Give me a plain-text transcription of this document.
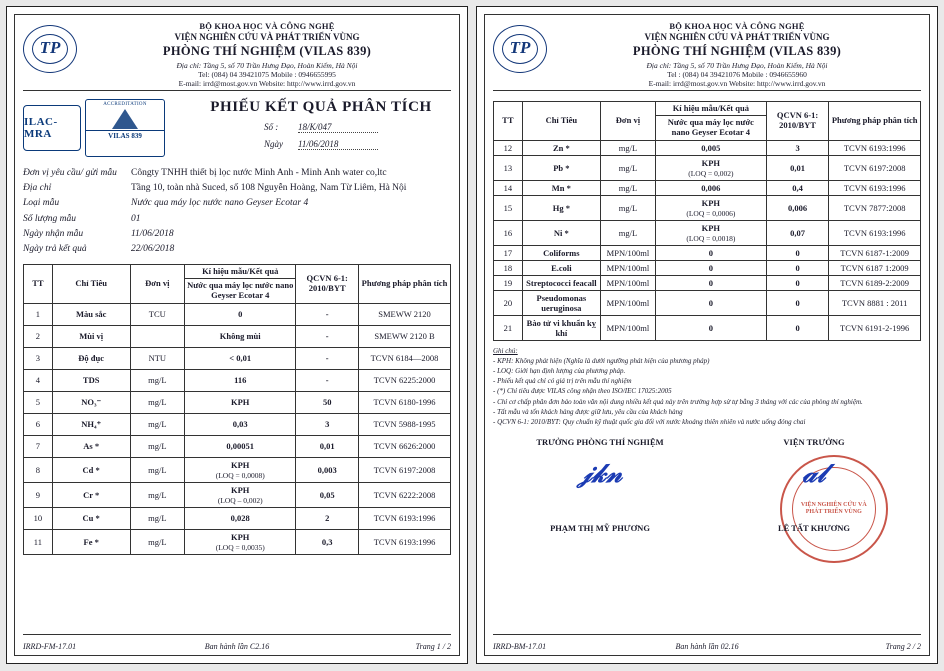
TP
BỘ KHOA HỌC VÀ CÔNG NGHỆ
VIỆN NGHIÊN CỨU VÀ PHÁT TRIỂN VÙNG
PHÒNG THÍ NGHIỆM (VILAS 839)
Địa chỉ: Tầng 5, số 70 Trần Hưng Đạo, Hoàn Kiếm, Hà Nội
Tel: (084) 04 39421075 Mobile : 0946655995
E-mail: irrd@most.gov.vn Website: http://www.irrd.gov.vn
ILAC-MRA
ACCREDITATION
VILAS 839
PHIẾU KẾT QUẢ PHÂN TÍCH
Số :	18/K/047
Ngày	11/06/2018
Đơn vị yêu cầu/ gửi mẫu	Côngty TNHH thiết bị lọc nước Minh Anh - Minh Anh water co,ltc
Địa chỉ	Tầng 10, toàn nhà Suced, số 108 Nguyễn Hoàng, Nam Từ Liêm, Hà Nội
Loại mẫu	Nước qua máy lọc nước nano Geyser Ecotar 4
Số lượng mẫu	01
Ngày nhận mẫu	11/06/2018
Ngày trả kết quả	22/06/2018
TT	Chỉ Tiêu	Đơn vị	Kí hiệu mẫu/Kết quả	QCVN 6-1: 2010/BYT	Phương pháp phân tích
			Nước qua máy lọc nước nano Geyser Ecotar 4		
1	Màu sắc	TCU	0	-	SMEWW 2120
2	Mùi vị		Không mùi	-	SMEWW 2120 B
3	Độ đục	NTU	< 0,01	-	TCVN 6184—2008
4	TDS	mg/L	116	-	TCVN 6225:2000
5	NO₃⁻	mg/L	KPH	50	TCVN 6180-1996
6	NH₄⁺	mg/L	0,03	3	TCVN 5988-1995
7	As *	mg/L	0,00051	0,01	TCVN 6626:2000
8	Cd *	mg/L	KPH
(LOQ = 0,0008)	0,003	TCVN 6197:2008
9	Cr *	mg/L	KPH
(LOQ – 0,002)	0,05	TCVN 6222:2008
10	Cu *	mg/L	0,028	2	TCVN 6193:1996
11	Fe *	mg/L	KPH
(LOQ = 0,0035)	0,3	TCVN 6193:1996
IRRD-FM-17.01	Ban hành lần C2.16	Trang 1 / 2
TP
BỘ KHOA HỌC VÀ CÔNG NGHỆ
VIỆN NGHIÊN CỨU VÀ PHÁT TRIỂN VÙNG
PHÒNG THÍ NGHIỆM (VILAS 839)
Địa chỉ: Tầng 5, số 70 Trần Hưng Đạo, Hoàn Kiếm, Hà Nội
Tel : (084) 04 39421076 Mobile : 0946655960
E-mail: irrd@most.gov.vn Website: http://www.irrd.gov.vn
TT	Chỉ Tiêu	Đơn vị	Kí hiệu mẫu/Kết quả	QCVN 6-1: 2010/BYT	Phương pháp phân tích
			Nước qua máy lọc nước nano Geyser Ecotar 4		
12	Zn *	mg/L	0,005	3	TCVN 6193:1996
13	Pb *	mg/L	KPH
(LOQ = 0,002)	0,01	TCVN 6197:2008
14	Mn *	mg/L	0,006	0,4	TCVN 6193:1996
15	Hg *	mg/L	KPH
(LOQ = 0,0006)	0,006	TCVN 7877:2008
16	Ni *	mg/L	KPH
(LOQ = 0,0018)	0,07	TCVN 6193:1996
17	Coliforms	MPN/100ml	0	0	TCVN 6187-1:2009
18	E.coli	MPN/100ml	0	0	TCVN 6187 1:2009
19	Streptococci feacall	MPN/100ml	0	0	TCVN 6189-2:2009
20	Pseudomonas ueruginosa	MPN/100ml	0	0	TCVN 8881 : 2011
21	Bào tử vi khuẩn kỵ khí	MPN/100ml	0	0	TCVN 6191-2-1996
Ghi chú:
- KPH: Không phát hiện (Nghĩa là dưới ngưỡng phát hiện của phương pháp)
- LOQ: Giới hạn định lượng của phương pháp.
- Phiếu kết quả chỉ có giá trị trên mẫu thí nghiệm
- (*) Chỉ tiêu được VILAS công nhận theo ISO/IEC 17025:2005
- Chỉ cơ chấp phân đơn bảo toàn văn nội dung nhiều kết quả này trên trường hợp sử tự bằng 3 tháng với các của phòng thí nghiệm.
- Tất mẫu và tốn khách hàng được giữ lưu, yêu cầu của khách hàng
- QCVN 6-1: 2010/BYT: Quy chuẩn kỹ thuật quốc gia đối với nước khoáng thiên nhiên và nước uống đóng chai
TRƯỞNG PHÒNG THÍ NGHIỆM
𝒿𝓀𝓃
PHẠM THỊ MỸ PHƯƠNG
VIỆN TRƯỞNG
VIỆN NGHIÊN CỨU VÀ PHÁT TRIỂN VÙNG
𝒶𝓁
LÊ TẤT KHƯƠNG
IRRD-BM-17.01	Ban hành lần 02.16	Trang 2 / 2
